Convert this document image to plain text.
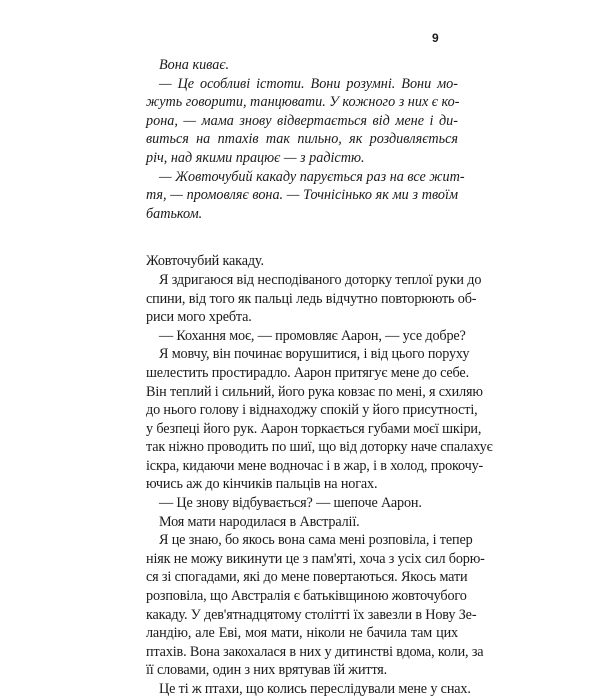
9
Вона киває.
— Це особливі істоти. Вони розумні. Вони мо-
жуть говорити, танцювати. У кожного з них є ко-
рона, — мама знову відвертається від мене і ди-
виться на птахів так пильно, як роздивляється
річ, над якими працює — з радістю.
— Жовточубий какаду парується раз на все жит-
тя, — промовляє вона. — Точнісінько як ми з твоїм
батьком.
Жовточубий какаду.
Я здригаюся від несподіваного доторку теплої руки до
спини, від того як пальці ледь відчутно повторюють об-
риси мого хребта.
— Кохання моє, — промовляє Аарон, — усе добре?
Я мовчу, він починає ворушитися, і від цього поруху
шелестить простирадло. Аарон притягує мене до себе.
Він теплий і сильний, його рука ковзає по мені, я схиляю
до нього голову і віднаходжу спокій у його присутності,
у безпеці його рук. Аарон торкається губами моєї шкіри,
так ніжно проводить по шиї, що від доторку наче спалахує
іскра, кидаючи мене водночас і в жар, і в холод, прокочу-
ючись аж до кінчиків пальців на ногах.
— Це знову відбувається? — шепоче Аарон.
Моя мати народилася в Австралії.
Я це знаю, бо якось вона сама мені розповіла, і тепер
ніяк не можу викинути це з пам'яті, хоча з усіх сил борю-
ся зі спогадами, які до мене повертаються. Якось мати
розповіла, що Австралія є батьківщиною жовточубого
какаду. У дев'ятнадцятому столітті їх завезли в Нову Зе-
ландію, але Еві, моя мати, ніколи не бачила там цих
птахів. Вона закохалася в них у дитинстві вдома, коли, за
її словами, один з них врятував їй життя.
Це ті ж птахи, що колись переслідували мене у снах.
